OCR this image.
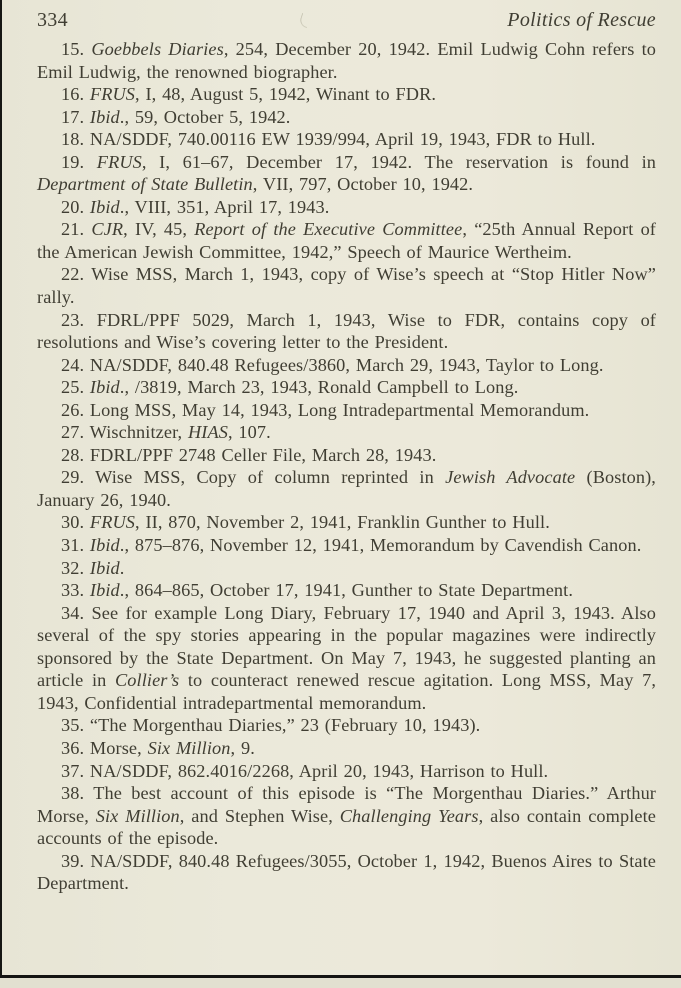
334	Politics of Rescue

15. Goebbels Diaries, 254, December 20, 1942. Emil Ludwig Cohn refers to Emil Ludwig, the renowned biographer.

16. FRUS, I, 48, August 5, 1942, Winant to FDR.

17. Ibid., 59, October 5, 1942.

18. NA/SDDF, 740.00116 EW 1939/994, April 19, 1943, FDR to Hull.

19. FRUS, I, 61–67, December 17, 1942. The reservation is found in Department of State Bulletin, VII, 797, October 10, 1942.

20. Ibid., VIII, 351, April 17, 1943.

21. CJR, IV, 45, Report of the Executive Committee, “25th Annual Report of the American Jewish Committee, 1942,” Speech of Maurice Wertheim.

22. Wise MSS, March 1, 1943, copy of Wise’s speech at “Stop Hitler Now” rally.

23. FDRL/PPF 5029, March 1, 1943, Wise to FDR, contains copy of resolutions and Wise’s covering letter to the President.

24. NA/SDDF, 840.48 Refugees/3860, March 29, 1943, Taylor to Long.

25. Ibid., /3819, March 23, 1943, Ronald Campbell to Long.

26. Long MSS, May 14, 1943, Long Intradepartmental Memorandum.

27. Wischnitzer, HIAS, 107.

28. FDRL/PPF 2748 Celler File, March 28, 1943.

29. Wise MSS, Copy of column reprinted in Jewish Advocate (Boston), January 26, 1940.

30. FRUS, II, 870, November 2, 1941, Franklin Gunther to Hull.

31. Ibid., 875–876, November 12, 1941, Memorandum by Cavendish Canon.

32. Ibid.

33. Ibid., 864–865, October 17, 1941, Gunther to State Department.

34. See for example Long Diary, February 17, 1940 and April 3, 1943. Also several of the spy stories appearing in the popular magazines were indirectly sponsored by the State Department. On May 7, 1943, he suggested planting an article in Collier’s to counteract renewed rescue agitation. Long MSS, May 7, 1943, Confidential intradepartmental memorandum.

35. “The Morgenthau Diaries,” 23 (February 10, 1943).

36. Morse, Six Million, 9.

37. NA/SDDF, 862.4016/2268, April 20, 1943, Harrison to Hull.

38. The best account of this episode is “The Morgenthau Diaries.” Arthur Morse, Six Million, and Stephen Wise, Challenging Years, also contain complete accounts of the episode.

39. NA/SDDF, 840.48 Refugees/3055, October 1, 1942, Buenos Aires to State Department.
